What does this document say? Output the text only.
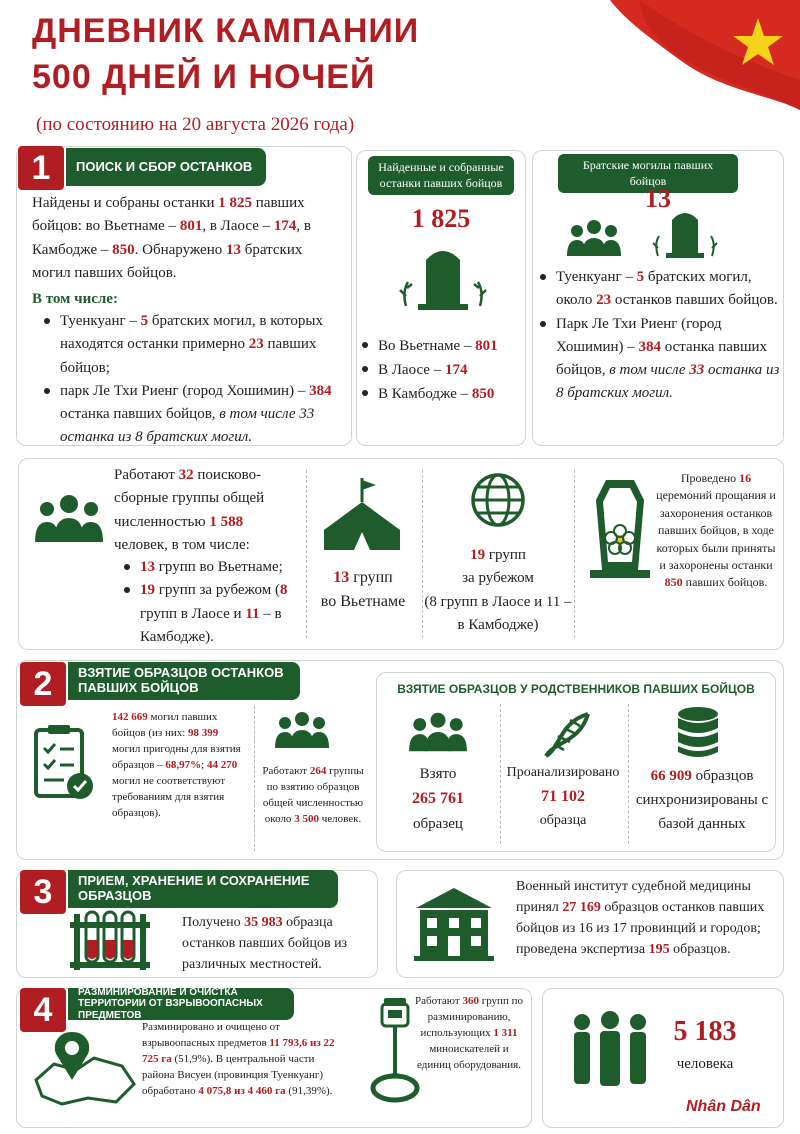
ДНЕВНИК КАМПАНИИ
500 ДНЕЙ И НОЧЕЙ
(по состоянию на 20 августа 2026 года)
1	ПОИСК И СБОР ОСТАНКОВ
Найдены и собраны останки 1 825 павших бойцов: во Вьетнаме – 801, в Лаосе – 174, в Камбодже – 850. Обнаружено 13 братских могил павших бойцов.
В том числе:
Туенкуанг – 5 братских могил, в которых находятся останки примерно 23 павших бойцов;
парк Ле Тхи Риенг (город Хошимин) – 384 останка павших бойцов, в том числе 33 останка из 8 братских могил.
Найденные и собранные останки павших бойцов
1 825
Во Вьетнаме – 801
В Лаосе – 174
В Камбодже – 850
Братские могилы павших бойцов
13
Туенкуанг – 5 братских могил, около 23 останков павших бойцов.
Парк Ле Тхи Риенг (город Хошимин) – 384 останка павших бойцов, в том числе 33 останка из 8 братских могил.
Работают 32 поисково-сборные группы общей численностью 1 588 человек, в том числе:
13 групп во Вьетнаме;
19 групп за рубежом (8 групп в Лаосе и 11 – в Камбодже).
13 групп
во Вьетнаме
19 групп
за рубежом
(8 групп в Лаосе и 11 – в Камбодже)
Проведено 16 церемоний прощания и захоронения останков павших бойцов, в ходе которых были приняты и захоронены останки 850 павших бойцов.
2	ВЗЯТИЕ ОБРАЗЦОВ ОСТАНКОВ ПАВШИХ БОЙЦОВ
142 669 могил павших бойцов (из них: 98 399 могил пригодны для взятия образцов – 68,97%; 44 270 могил не соответствуют требованиям для взятия образцов).
Работают 264 группы по взятию образцов общей численностью около 3 500 человек.
ВЗЯТИЕ ОБРАЗЦОВ У РОДСТВЕННИКОВ ПАВШИХ БОЙЦОВ
Взято
265 761
образец
Проанализировано
71 102
образца
66 909 образцов синхронизированы с базой данных
3	ПРИЕМ, ХРАНЕНИЕ И СОХРАНЕНИЕ ОБРАЗЦОВ
Получено 35 983 образца останков павших бойцов из различных местностей.
Военный институт судебной медицины принял 27 169 образцов останков павших бойцов из 16 из 17 провинций и городов; проведена экспертиза 195 образцов.
4	РАЗМИНИРОВАНИЕ И ОЧИСТКА ТЕРРИТОРИИ ОТ ВЗРЫВООПАСНЫХ ПРЕДМЕТОВ
Разминировано и очищено от взрывоопасных предметов 11 793,6 из 22 725 га (51,9%). В центральной части района Висуен (провинция Туенкуанг) обработано 4 075,8 из 4 460 га (91,39%).
Работают 360 групп по разминированию, использующих 1 311 миноискателей и единиц оборудования.
5 183
человека
Nhân Dân
